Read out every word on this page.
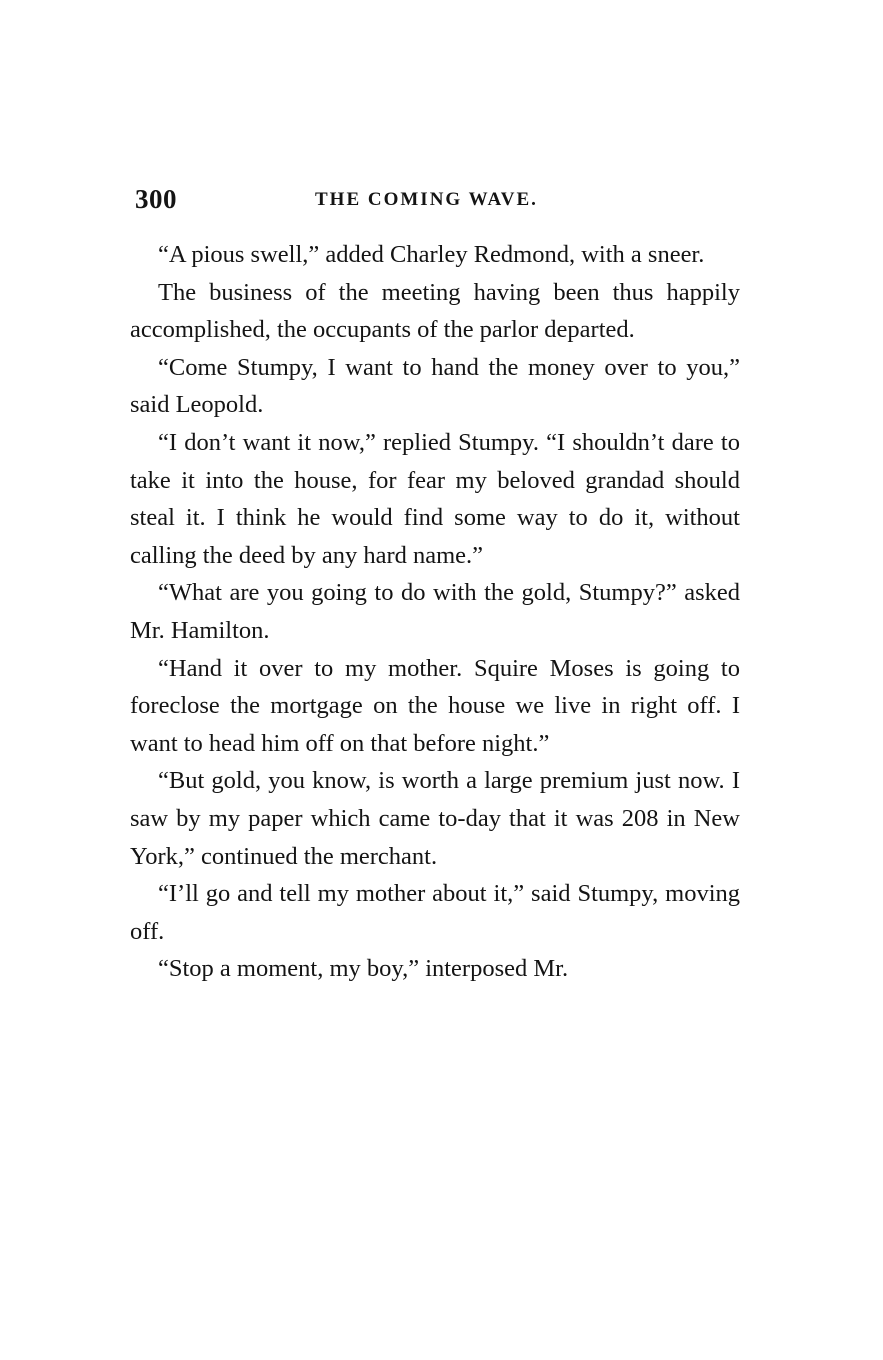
300	THE COMING WAVE.

“A pious swell,” added Charley Redmond, with a sneer.

The business of the meeting having been thus happily accomplished, the occupants of the parlor departed.

“Come Stumpy, I want to hand the money over to you,” said Leopold.

“I don’t want it now,” replied Stumpy. “I shouldn’t dare to take it into the house, for fear my beloved grandad should steal it. I think he would find some way to do it, without calling the deed by any hard name.”

“What are you going to do with the gold, Stumpy?” asked Mr. Hamilton.

“Hand it over to my mother. Squire Moses is going to foreclose the mortgage on the house we live in right off. I want to head him off on that before night.”

“But gold, you know, is worth a large premium just now. I saw by my paper which came to-day that it was 208 in New York,” continued the merchant.

“I’ll go and tell my mother about it,” said Stumpy, moving off.

“Stop a moment, my boy,” interposed Mr.
